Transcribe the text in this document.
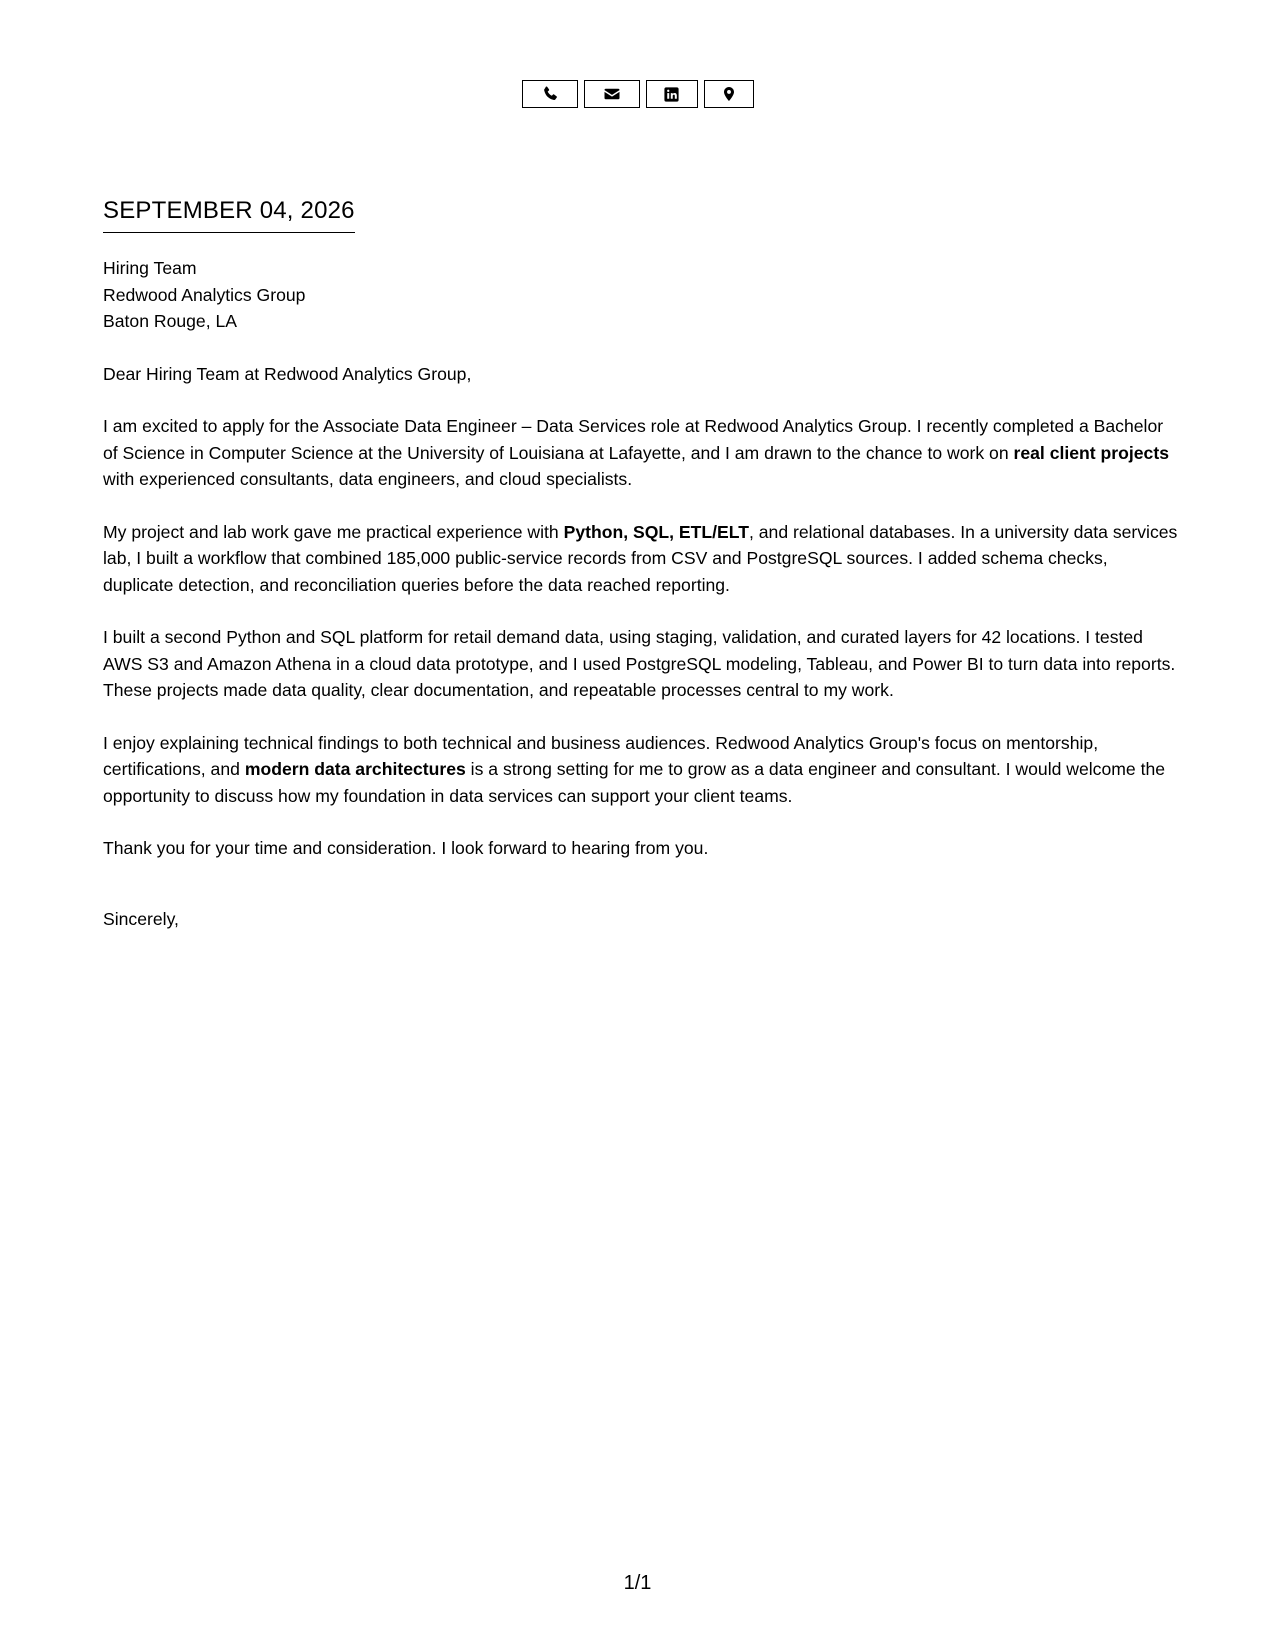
SEPTEMBER 04, 2026
Hiring Team
Redwood Analytics Group
Baton Rouge, LA

Dear Hiring Team at Redwood Analytics Group,

I am excited to apply for the Associate Data Engineer – Data Services role at Redwood Analytics Group. I recently completed a Bachelor of Science in Computer Science at the University of Louisiana at Lafayette, and I am drawn to the chance to work on real client projects with experienced consultants, data engineers, and cloud specialists.

My project and lab work gave me practical experience with Python, SQL, ETL/ELT, and relational databases. In a university data services lab, I built a workflow that combined 185,000 public-service records from CSV and PostgreSQL sources. I added schema checks, duplicate detection, and reconciliation queries before the data reached reporting.

I built a second Python and SQL platform for retail demand data, using staging, validation, and curated layers for 42 locations. I tested AWS S3 and Amazon Athena in a cloud data prototype, and I used PostgreSQL modeling, Tableau, and Power BI to turn data into reports. These projects made data quality, clear documentation, and repeatable processes central to my work.

I enjoy explaining technical findings to both technical and business audiences. Redwood Analytics Group's focus on mentorship, certifications, and modern data architectures is a strong setting for me to grow as a data engineer and consultant. I would welcome the opportunity to discuss how my foundation in data services can support your client teams.

Thank you for your time and consideration. I look forward to hearing from you.

Sincerely,

1/1
